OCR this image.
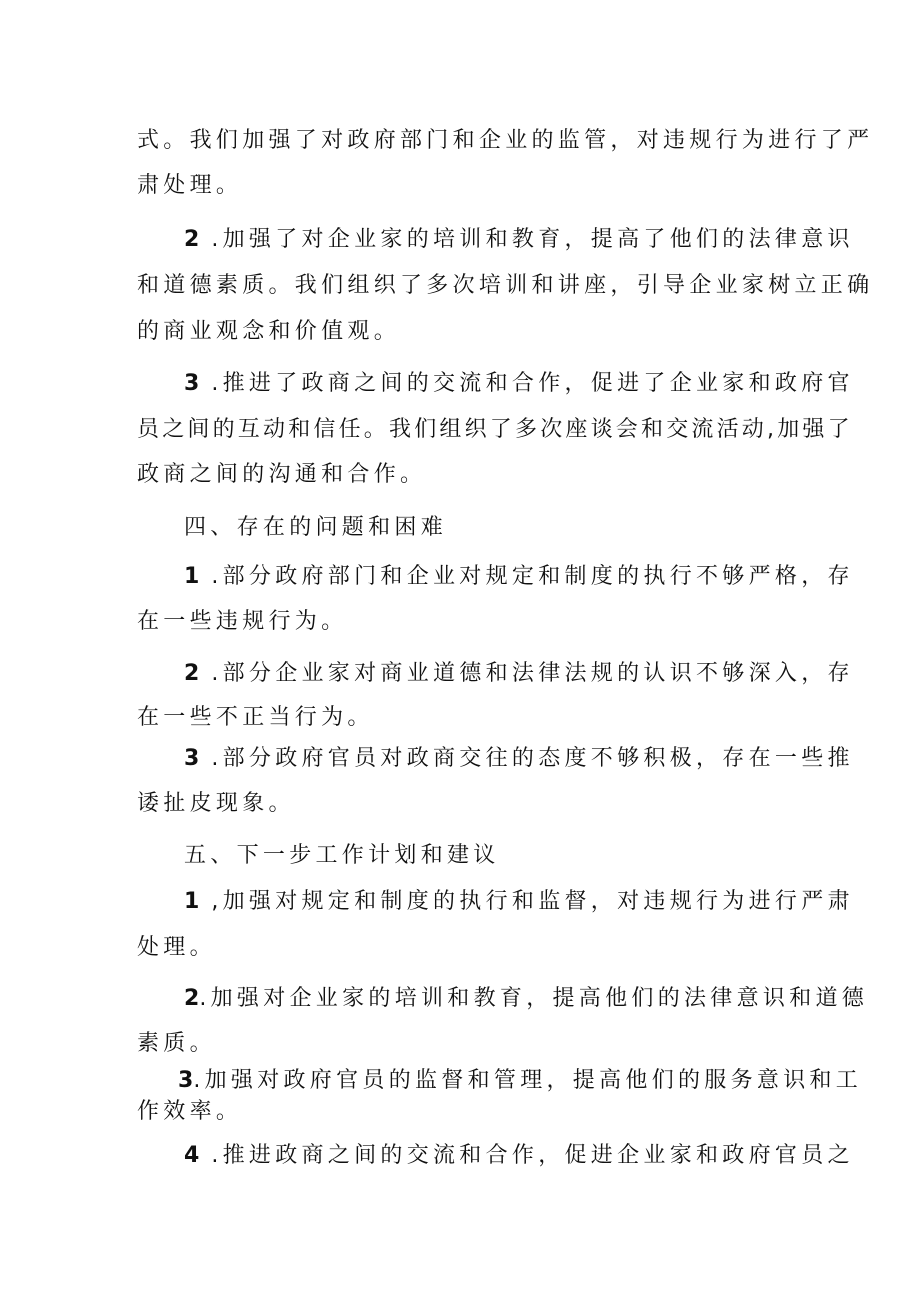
式。我们加强了对政府部门和企业的监管，对违规行为进行了严
肃处理。
2 .加强了对企业家的培训和教育，提高了他们的法律意识
和道德素质。我们组织了多次培训和讲座，引导企业家树立正确
的商业观念和价值观。
3 .推进了政商之间的交流和合作，促进了企业家和政府官
员之间的互动和信任。我们组织了多次座谈会和交流活动,加强了
政商之间的沟通和合作。
四、存在的问题和困难
1 .部分政府部门和企业对规定和制度的执行不够严格，存
在一些违规行为。
2 .部分企业家对商业道德和法律法规的认识不够深入，存
在一些不正当行为。
3 .部分政府官员对政商交往的态度不够积极，存在一些推
诿扯皮现象。
五、下一步工作计划和建议
1 ,加强对规定和制度的执行和监督，对违规行为进行严肃
处理。
2.加强对企业家的培训和教育，提高他们的法律意识和道德
素质。
3.加强对政府官员的监督和管理，提高他们的服务意识和工
作效率。
4 .推进政商之间的交流和合作，促进企业家和政府官员之
